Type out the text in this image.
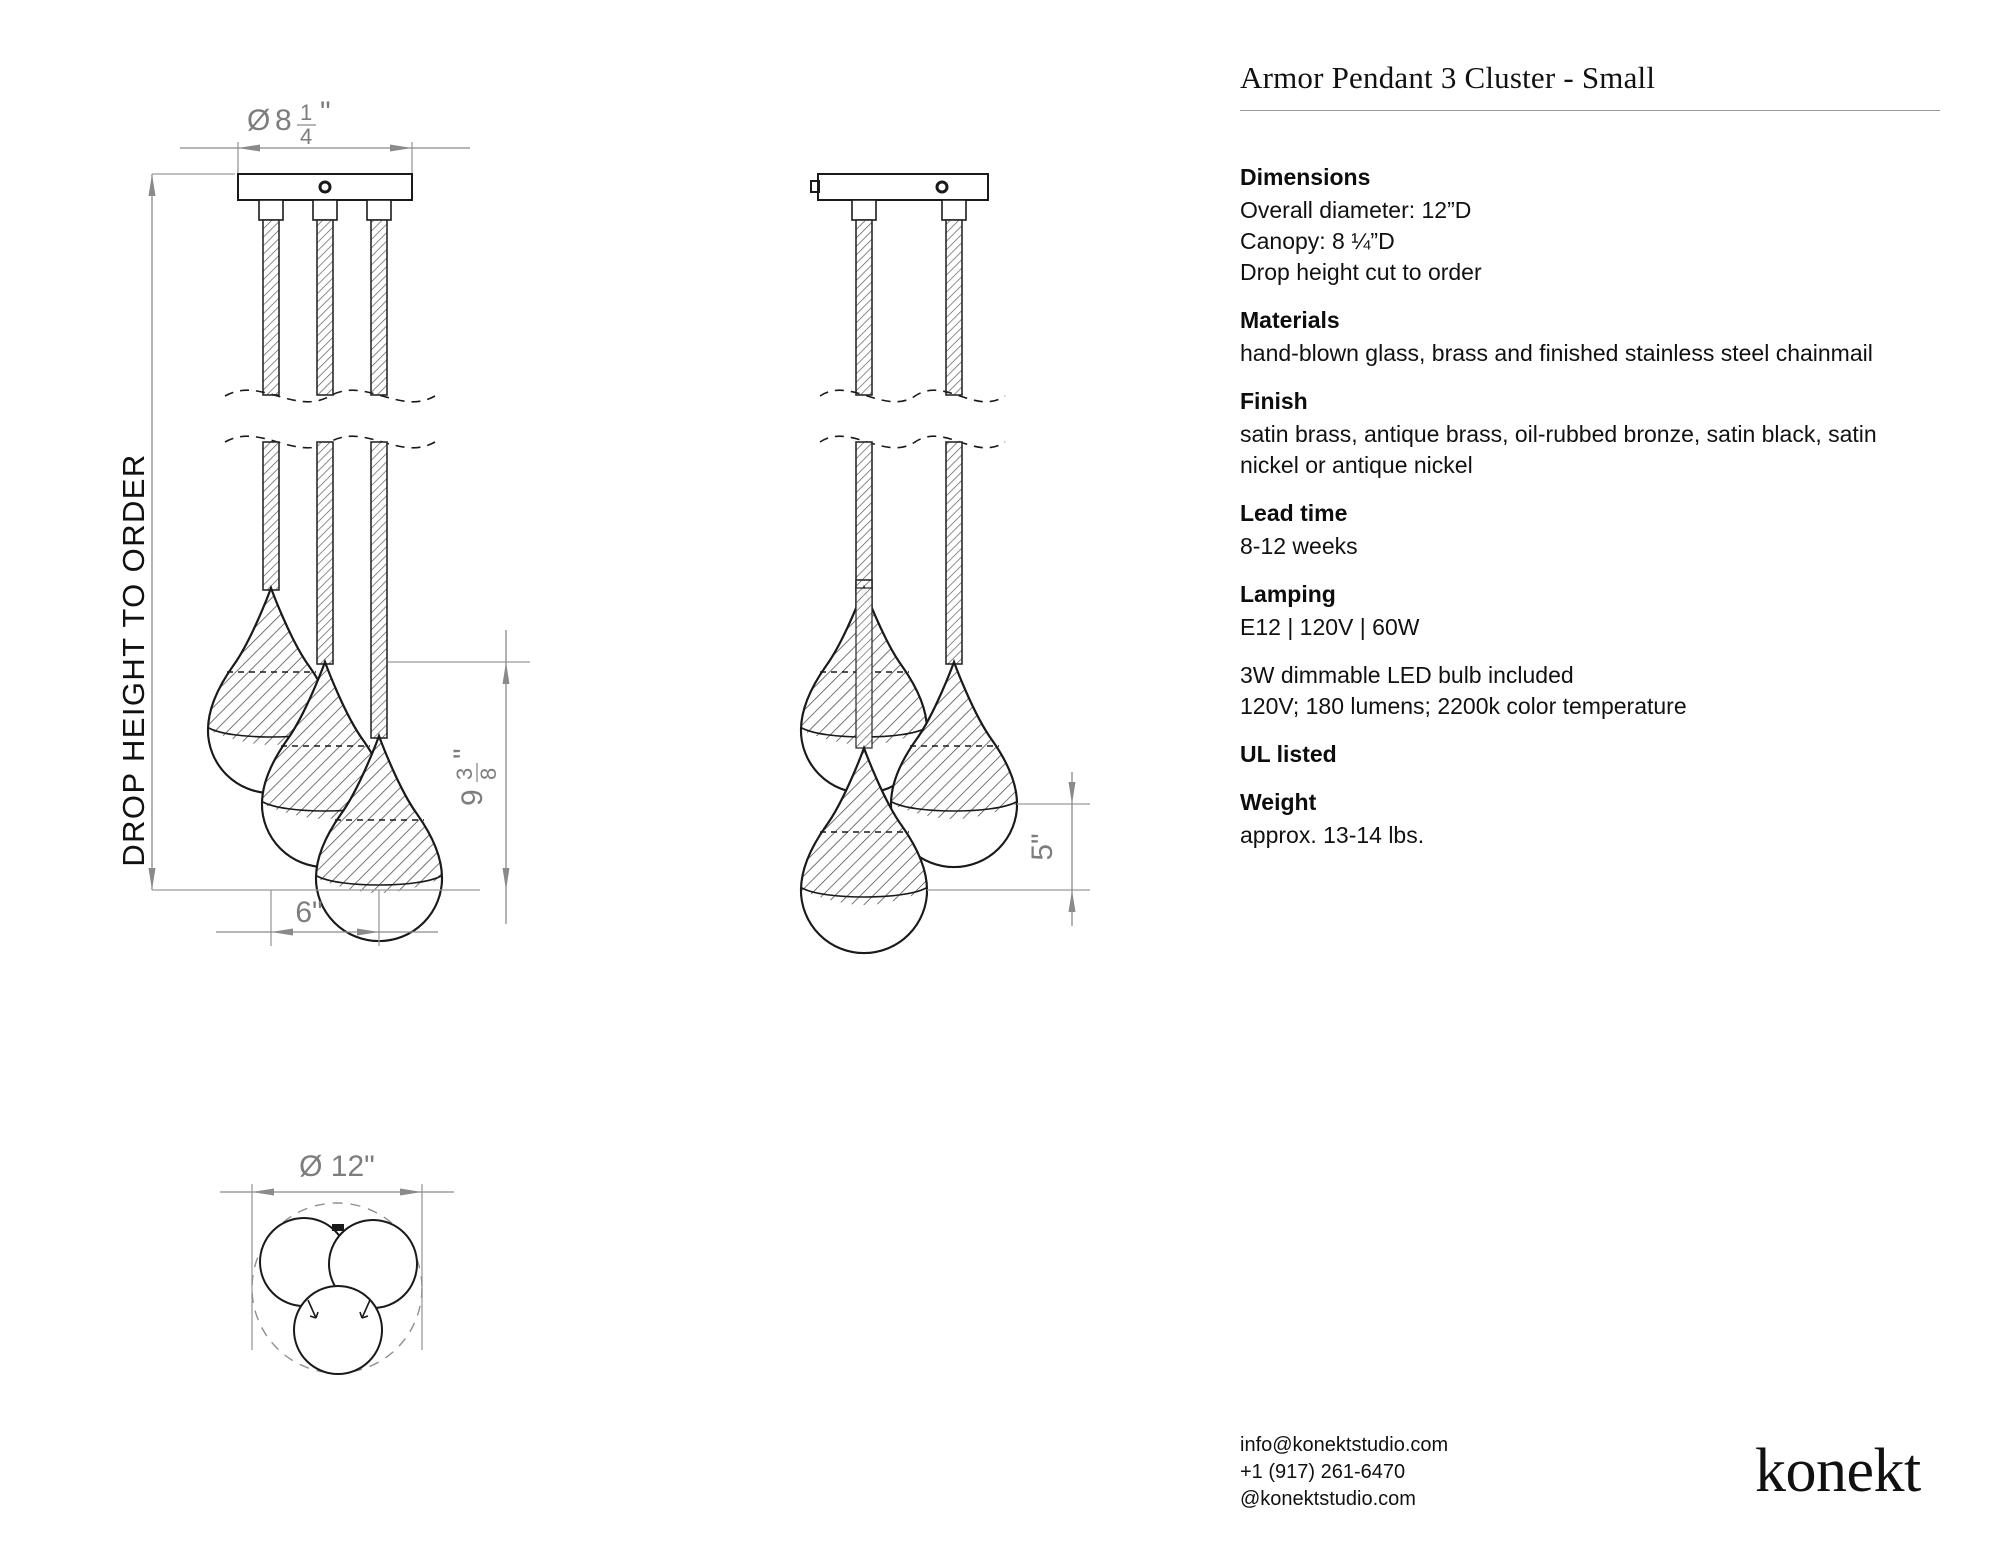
Ø 8 1
4
"
DROP HEIGHT TO ORDER	9
3 8
"
6"
5"
Ø 12"
Armor Pendant 3 Cluster - Small
Dimensions

Overall diameter: 12”D

Canopy: 8 ¼”D

Drop height cut to order

Materials

hand-blown glass, brass and finished stainless steel chainmail

Finish

satin brass, antique brass, oil-rubbed bronze, satin black, satin

nickel or antique nickel

Lead time

8-12 weeks

Lamping

E12 | 120V | 60W

3W dimmable LED bulb included

120V; 180 lumens; 2200k color temperature

UL listed
Weight

approx. 13-14 lbs.

info@konektstudio.com
+1 (917) 261-6470
@konektstudio.com	konekt
